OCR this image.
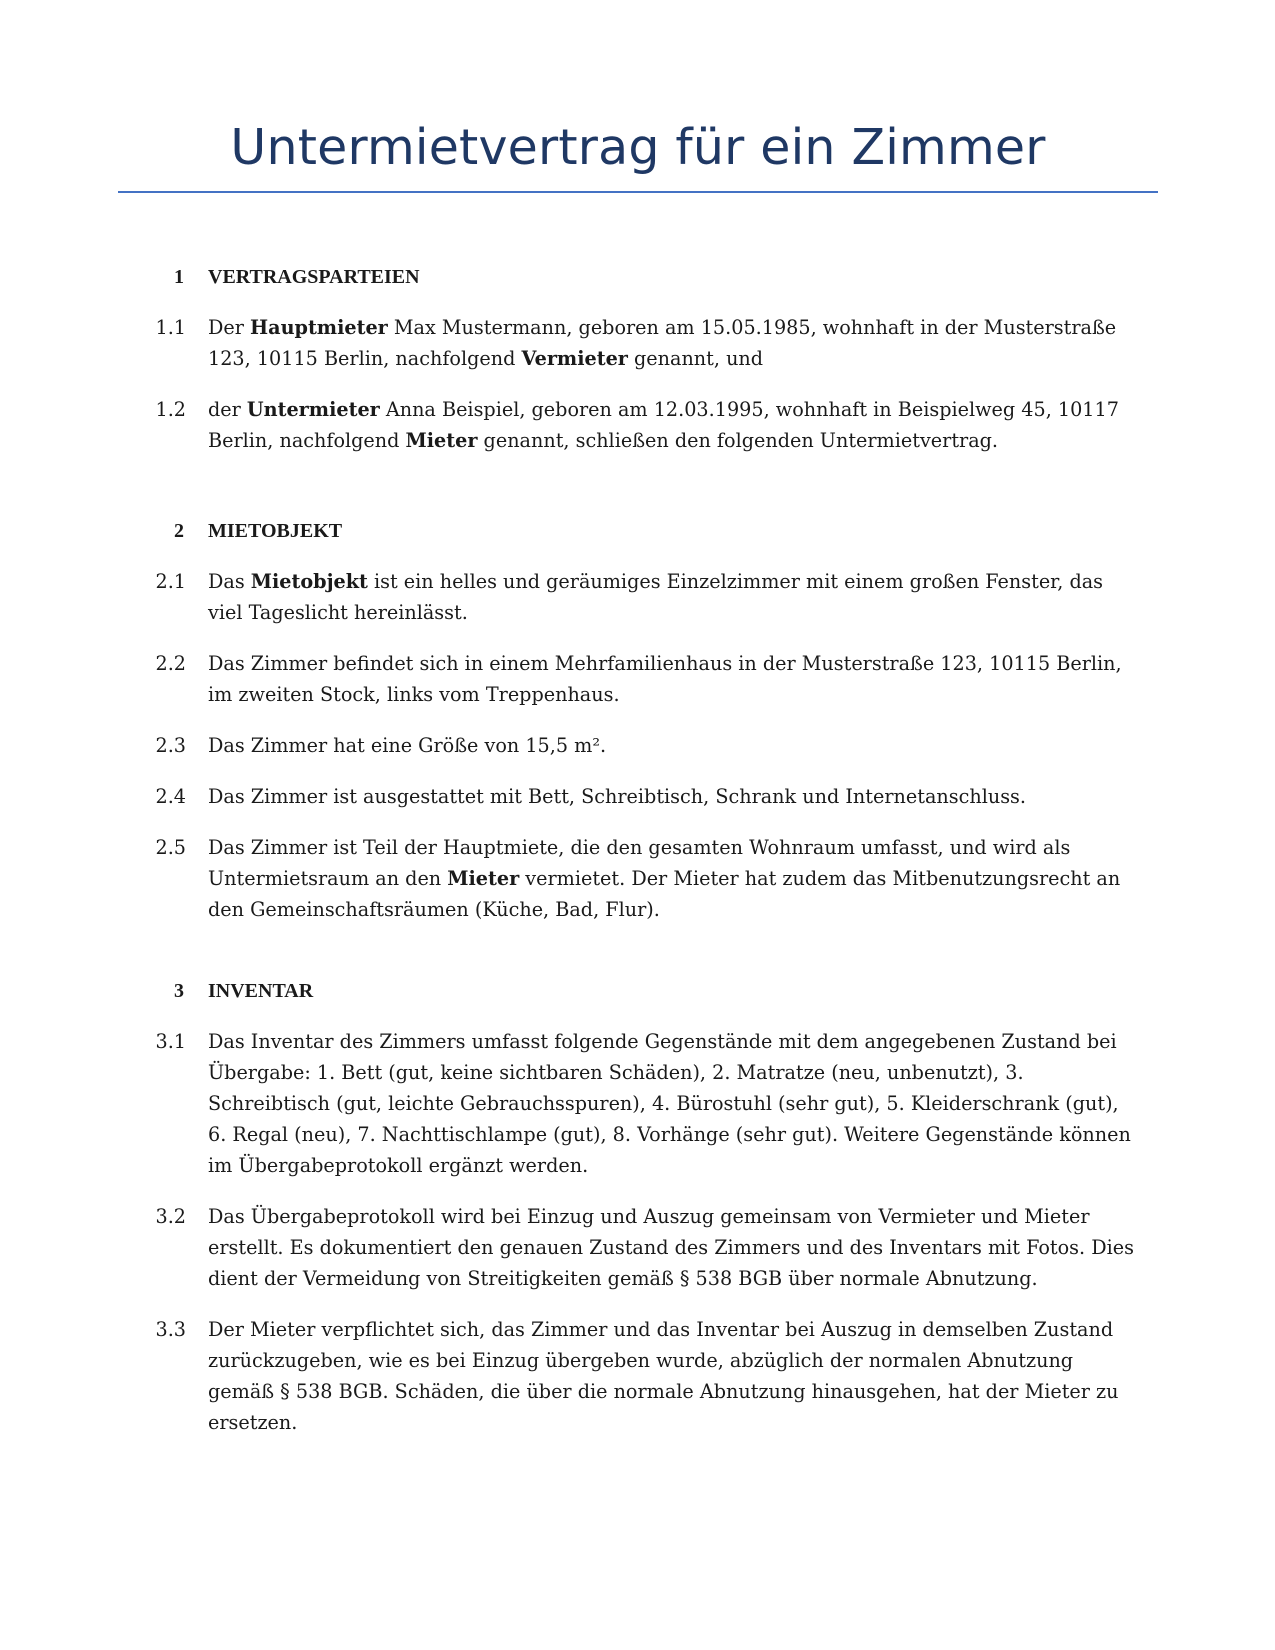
Untermietvertrag für ein Zimmer
1 VERTRAGSPARTEIEN
1.1 Der Hauptmieter Max Mustermann, geboren am 15.05.1985, wohnhaft in der Musterstraße 123, 10115 Berlin, nachfolgend Vermieter genannt, und
1.2 der Untermieter Anna Beispiel, geboren am 12.03.1995, wohnhaft in Beispielweg 45, 10117 Berlin, nachfolgend Mieter genannt, schließen den folgenden Untermietvertrag.
2 MIETOBJEKT
2.1 Das Mietobjekt ist ein helles und geräumiges Einzelzimmer mit einem großen Fenster, das viel Tageslicht hereinlässt.
2.2 Das Zimmer befindet sich in einem Mehrfamilienhaus in der Musterstraße 123, 10115 Berlin, im zweiten Stock, links vom Treppenhaus.
2.3 Das Zimmer hat eine Größe von 15,5 m².
2.4 Das Zimmer ist ausgestattet mit Bett, Schreibtisch, Schrank und Internetanschluss.
2.5 Das Zimmer ist Teil der Hauptmiete, die den gesamten Wohnraum umfasst, und wird als Untermietsraum an den Mieter vermietet. Der Mieter hat zudem das Mitbenutzungsrecht an den Gemeinschaftsräumen (Küche, Bad, Flur).
3 INVENTAR
3.1 Das Inventar des Zimmers umfasst folgende Gegenstände mit dem angegebenen Zustand bei Übergabe: 1. Bett (gut, keine sichtbaren Schäden), 2. Matratze (neu, unbenutzt), 3. Schreibtisch (gut, leichte Gebrauchsspuren), 4. Bürostuhl (sehr gut), 5. Kleiderschrank (gut), 6. Regal (neu), 7. Nachttischlampe (gut), 8. Vorhänge (sehr gut). Weitere Gegenstände können im Übergabeprotokoll ergänzt werden.
3.2 Das Übergabeprotokoll wird bei Einzug und Auszug gemeinsam von Vermieter und Mieter erstellt. Es dokumentiert den genauen Zustand des Zimmers und des Inventars mit Fotos. Dies dient der Vermeidung von Streitigkeiten gemäß § 538 BGB über normale Abnutzung.
3.3 Der Mieter verpflichtet sich, das Zimmer und das Inventar bei Auszug in demselben Zustand zurückzugeben, wie es bei Einzug übergeben wurde, abzüglich der normalen Abnutzung gemäß § 538 BGB. Schäden, die über die normale Abnutzung hinausgehen, hat der Mieter zu ersetzen.
